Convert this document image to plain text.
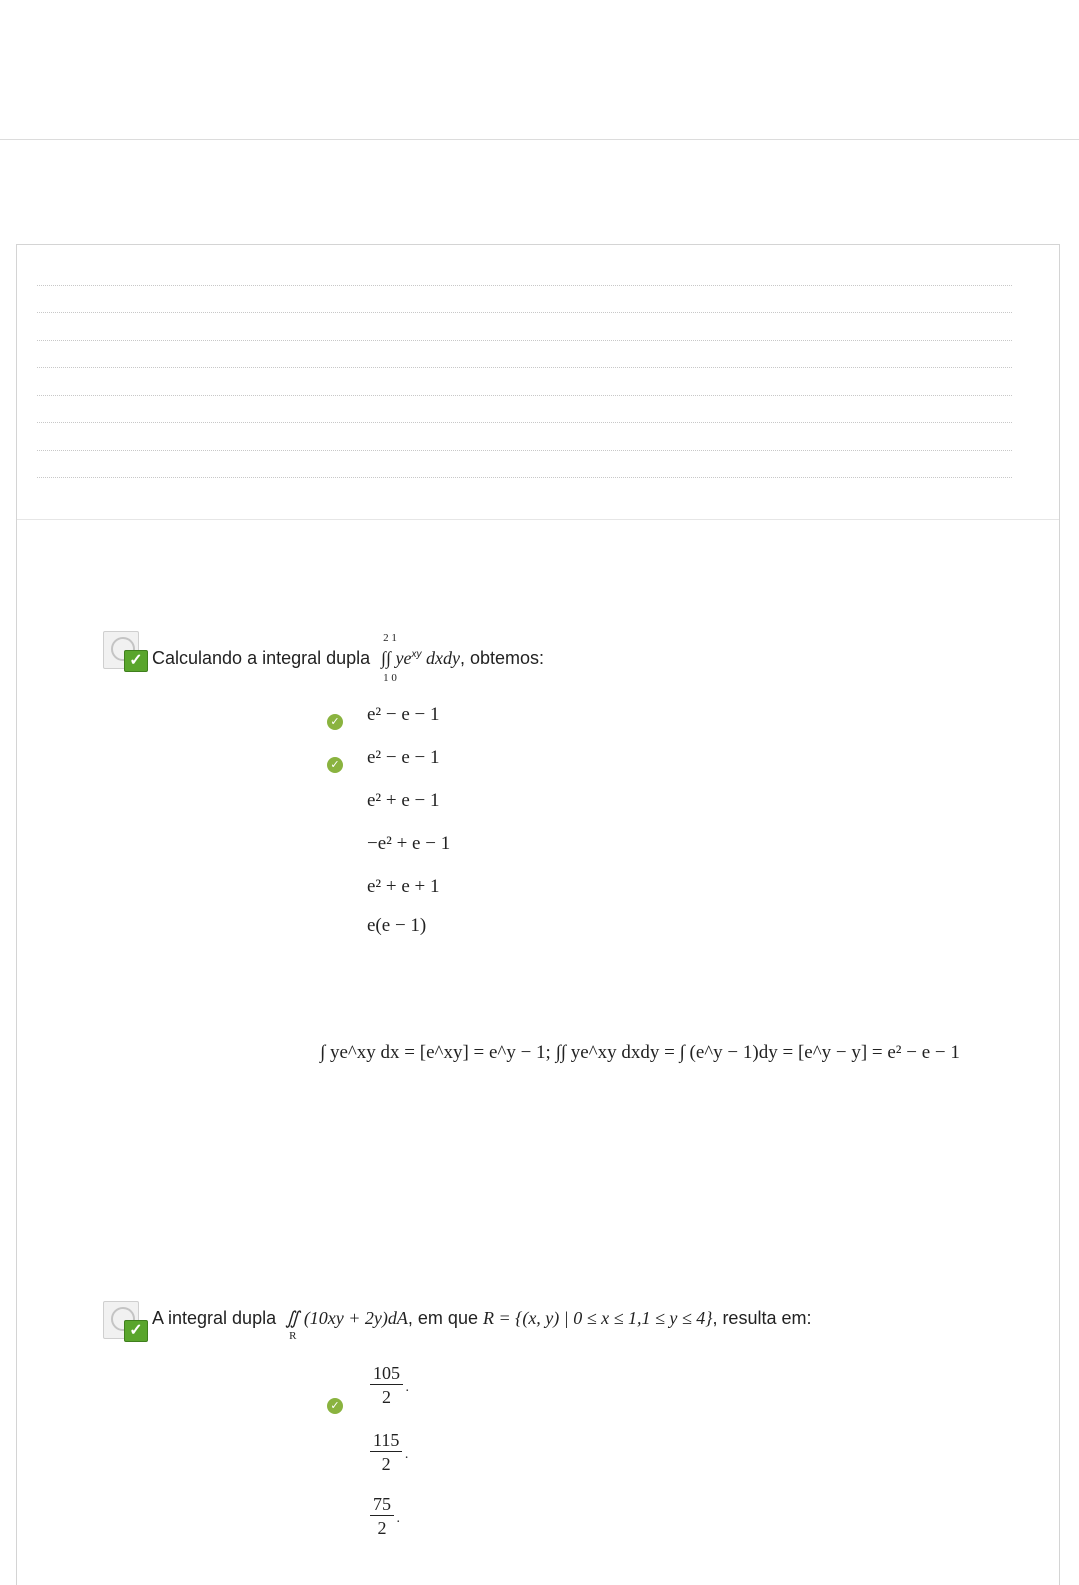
✓ Calculando a integral dupla
2 1
∫∫ $ye^{xy}$ dxdy
1 0
, obtemos:
✓ e² − e − 1
✓ e² − e − 1
e² + e − 1
−e² + e − 1
e² + e + 1
e(e − 1)
∫ ye^xy dx = [e^xy] = e^y − 1; ∫∫ ye^xy dxdy = ∫ (e^y − 1)dy = [e^y − y] = e² − e − 1
✓
A integral dupla ∬ (10xy + 2y)dA
R
, em que R = {(x, y) | 0 ≤ x ≤ 1,1 ≤ y ≤ 4}, resulta em:
✓
105
2	.
115
2	.
75
2 .
